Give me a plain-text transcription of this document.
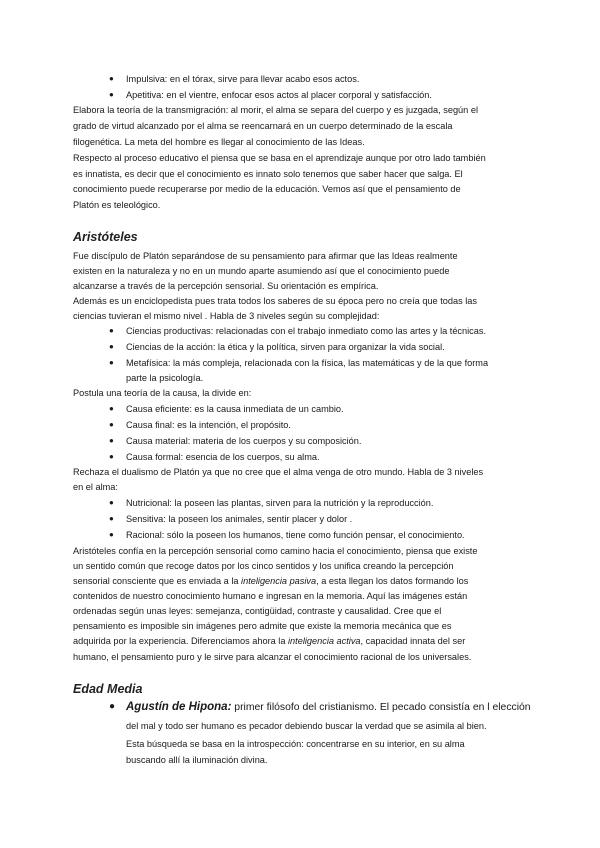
● Impulsiva: en el tórax, sirve para llevar acabo esos actos.
● Apetitiva: en el vientre, enfocar esos actos al placer corporal y satisfacción.
Elabora la teoría de la transmigración: al morir, el alma se separa del cuerpo y es juzgada, según el
grado de virtud alcanzado por el alma se reencarnará en un cuerpo determinado de la escala
filogenética. La meta del hombre es llegar al conocimiento de las Ideas.
Respecto al proceso educativo el piensa que se basa en el aprendizaje aunque por otro lado también
es innatista, es decir que el conocimiento es innato solo tenemos que saber hacer que salga. El
conocimiento puede recuperarse por medio de la educación. Vemos así que el pensamiento de
Platón es teleológico.
Aristóteles
Fue discípulo de Platón separándose de su pensamiento para afirmar que las Ideas realmente
existen en la naturaleza y no en un mundo aparte asumiendo así que el conocimiento puede
alcanzarse a través de la percepción sensorial. Su orientación es empírica.
Además es un enciclopedista pues trata todos los saberes de su época pero no creía que todas las
ciencias tuvieran el mismo nivel . Habla de 3 niveles según su complejidad:
● Ciencias productivas: relacionadas con el trabajo inmediato como las artes y la técnicas.
● Ciencias de la acción: la ética y la política, sirven para organizar la vida social.
● Metafísica: la más compleja, relacionada con la física, las matemáticas y de la que forma
parte la psicología.
Postula una teoría de la causa, la divide en:
● Causa eficiente: es la causa inmediata de un cambio.
● Causa final: es la intención, el propósito.
● Causa material: materia de los cuerpos y su composición.
● Causa formal: esencia de los cuerpos, su alma.
Rechaza el dualismo de Platón ya que no cree que el alma venga de otro mundo. Habla de 3 niveles
en el alma:
● Nutricional: la poseen las plantas, sirven para la nutrición y la reproducción.
● Sensitiva: la poseen los animales, sentir placer y dolor .
● Racional: sólo la poseen los humanos, tiene como función pensar, el conocimiento.
Aristóteles confía en la percepción sensorial como camino hacia el conocimiento, piensa que existe
un sentido común que recoge datos por los cinco sentidos y los unifica creando la percepción
sensorial consciente que es enviada a la inteligencia pasiva, a esta llegan los datos formando los
contenidos de nuestro conocimiento humano e ingresan en la memoria. Aquí las imágenes están
ordenadas según unas leyes: semejanza, contigüidad, contraste y causalidad. Cree que el
pensamiento es imposible sin imágenes pero admite que existe la memoria mecánica que es
adquirida por la experiencia. Diferenciamos ahora la inteligencia activa, capacidad innata del ser
humano, el pensamiento puro y le sirve para alcanzar el conocimiento racional de los universales.
Edad Media
● Agustín de Hipona: primer filósofo del cristianismo. El pecado consistía en l elección
del mal y todo ser humano es pecador debiendo buscar la verdad que se asimila al bien.
Esta búsqueda se basa en la introspección: concentrarse en su interior, en su alma
buscando allí la iluminación divina.
